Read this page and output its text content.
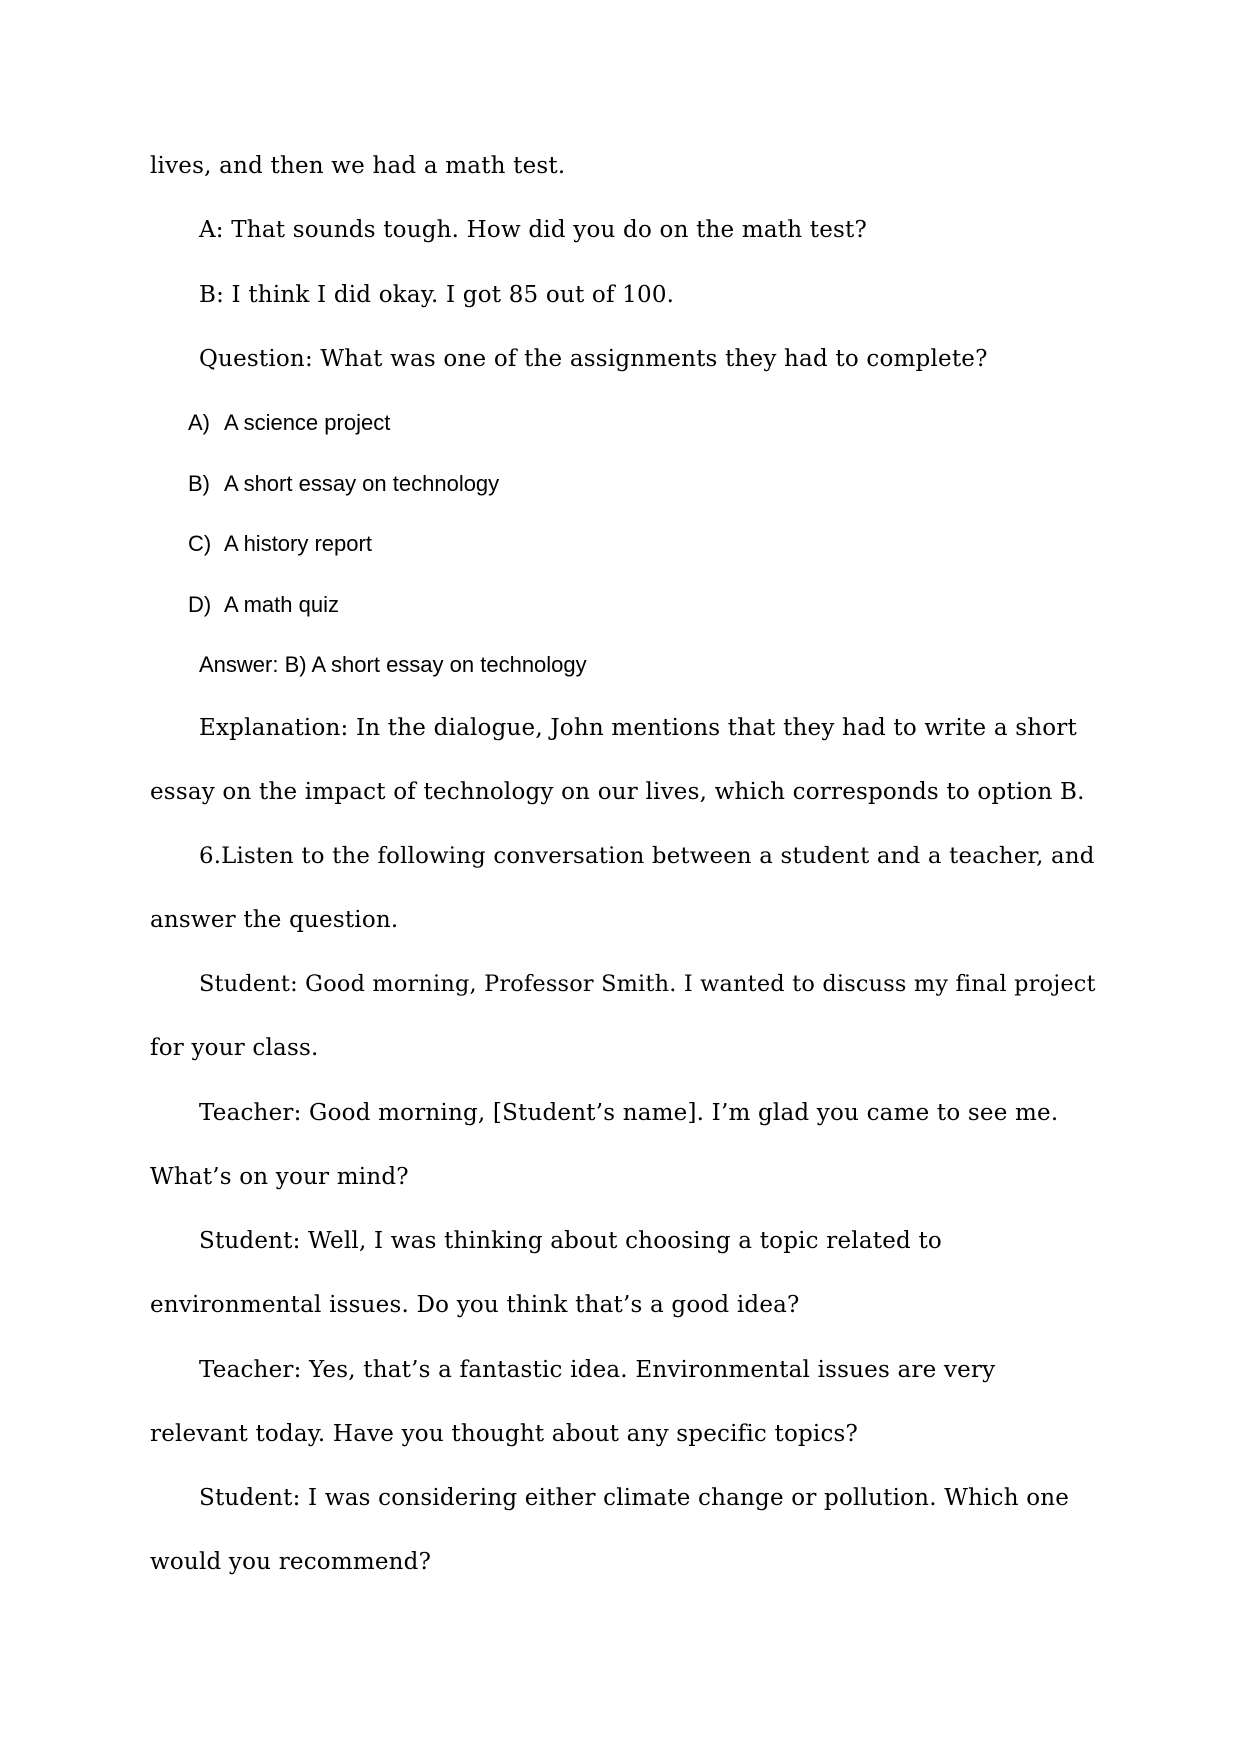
lives, and then we had a math test.
A: That sounds tough. How did you do on the math test?
B: I think I did okay. I got 85 out of 100.
Question: What was one of the assignments they had to complete?
A) A science project
B) A short essay on technology
C) A history report
D) A math quiz
Answer: B) A short essay on technology
Explanation: In the dialogue, John mentions that they had to write a short
essay on the impact of technology on our lives, which corresponds to option B.
6.Listen to the following conversation between a student and a teacher, and
answer the question.
Student: Good morning, Professor Smith. I wanted to discuss my final project
for your class.
Teacher: Good morning, [Student’s name]. I’m glad you came to see me.
What’s on your mind?
Student: Well, I was thinking about choosing a topic related to
environmental issues. Do you think that’s a good idea?
Teacher: Yes, that’s a fantastic idea. Environmental issues are very
relevant today. Have you thought about any specific topics?
Student: I was considering either climate change or pollution. Which one
would you recommend?
